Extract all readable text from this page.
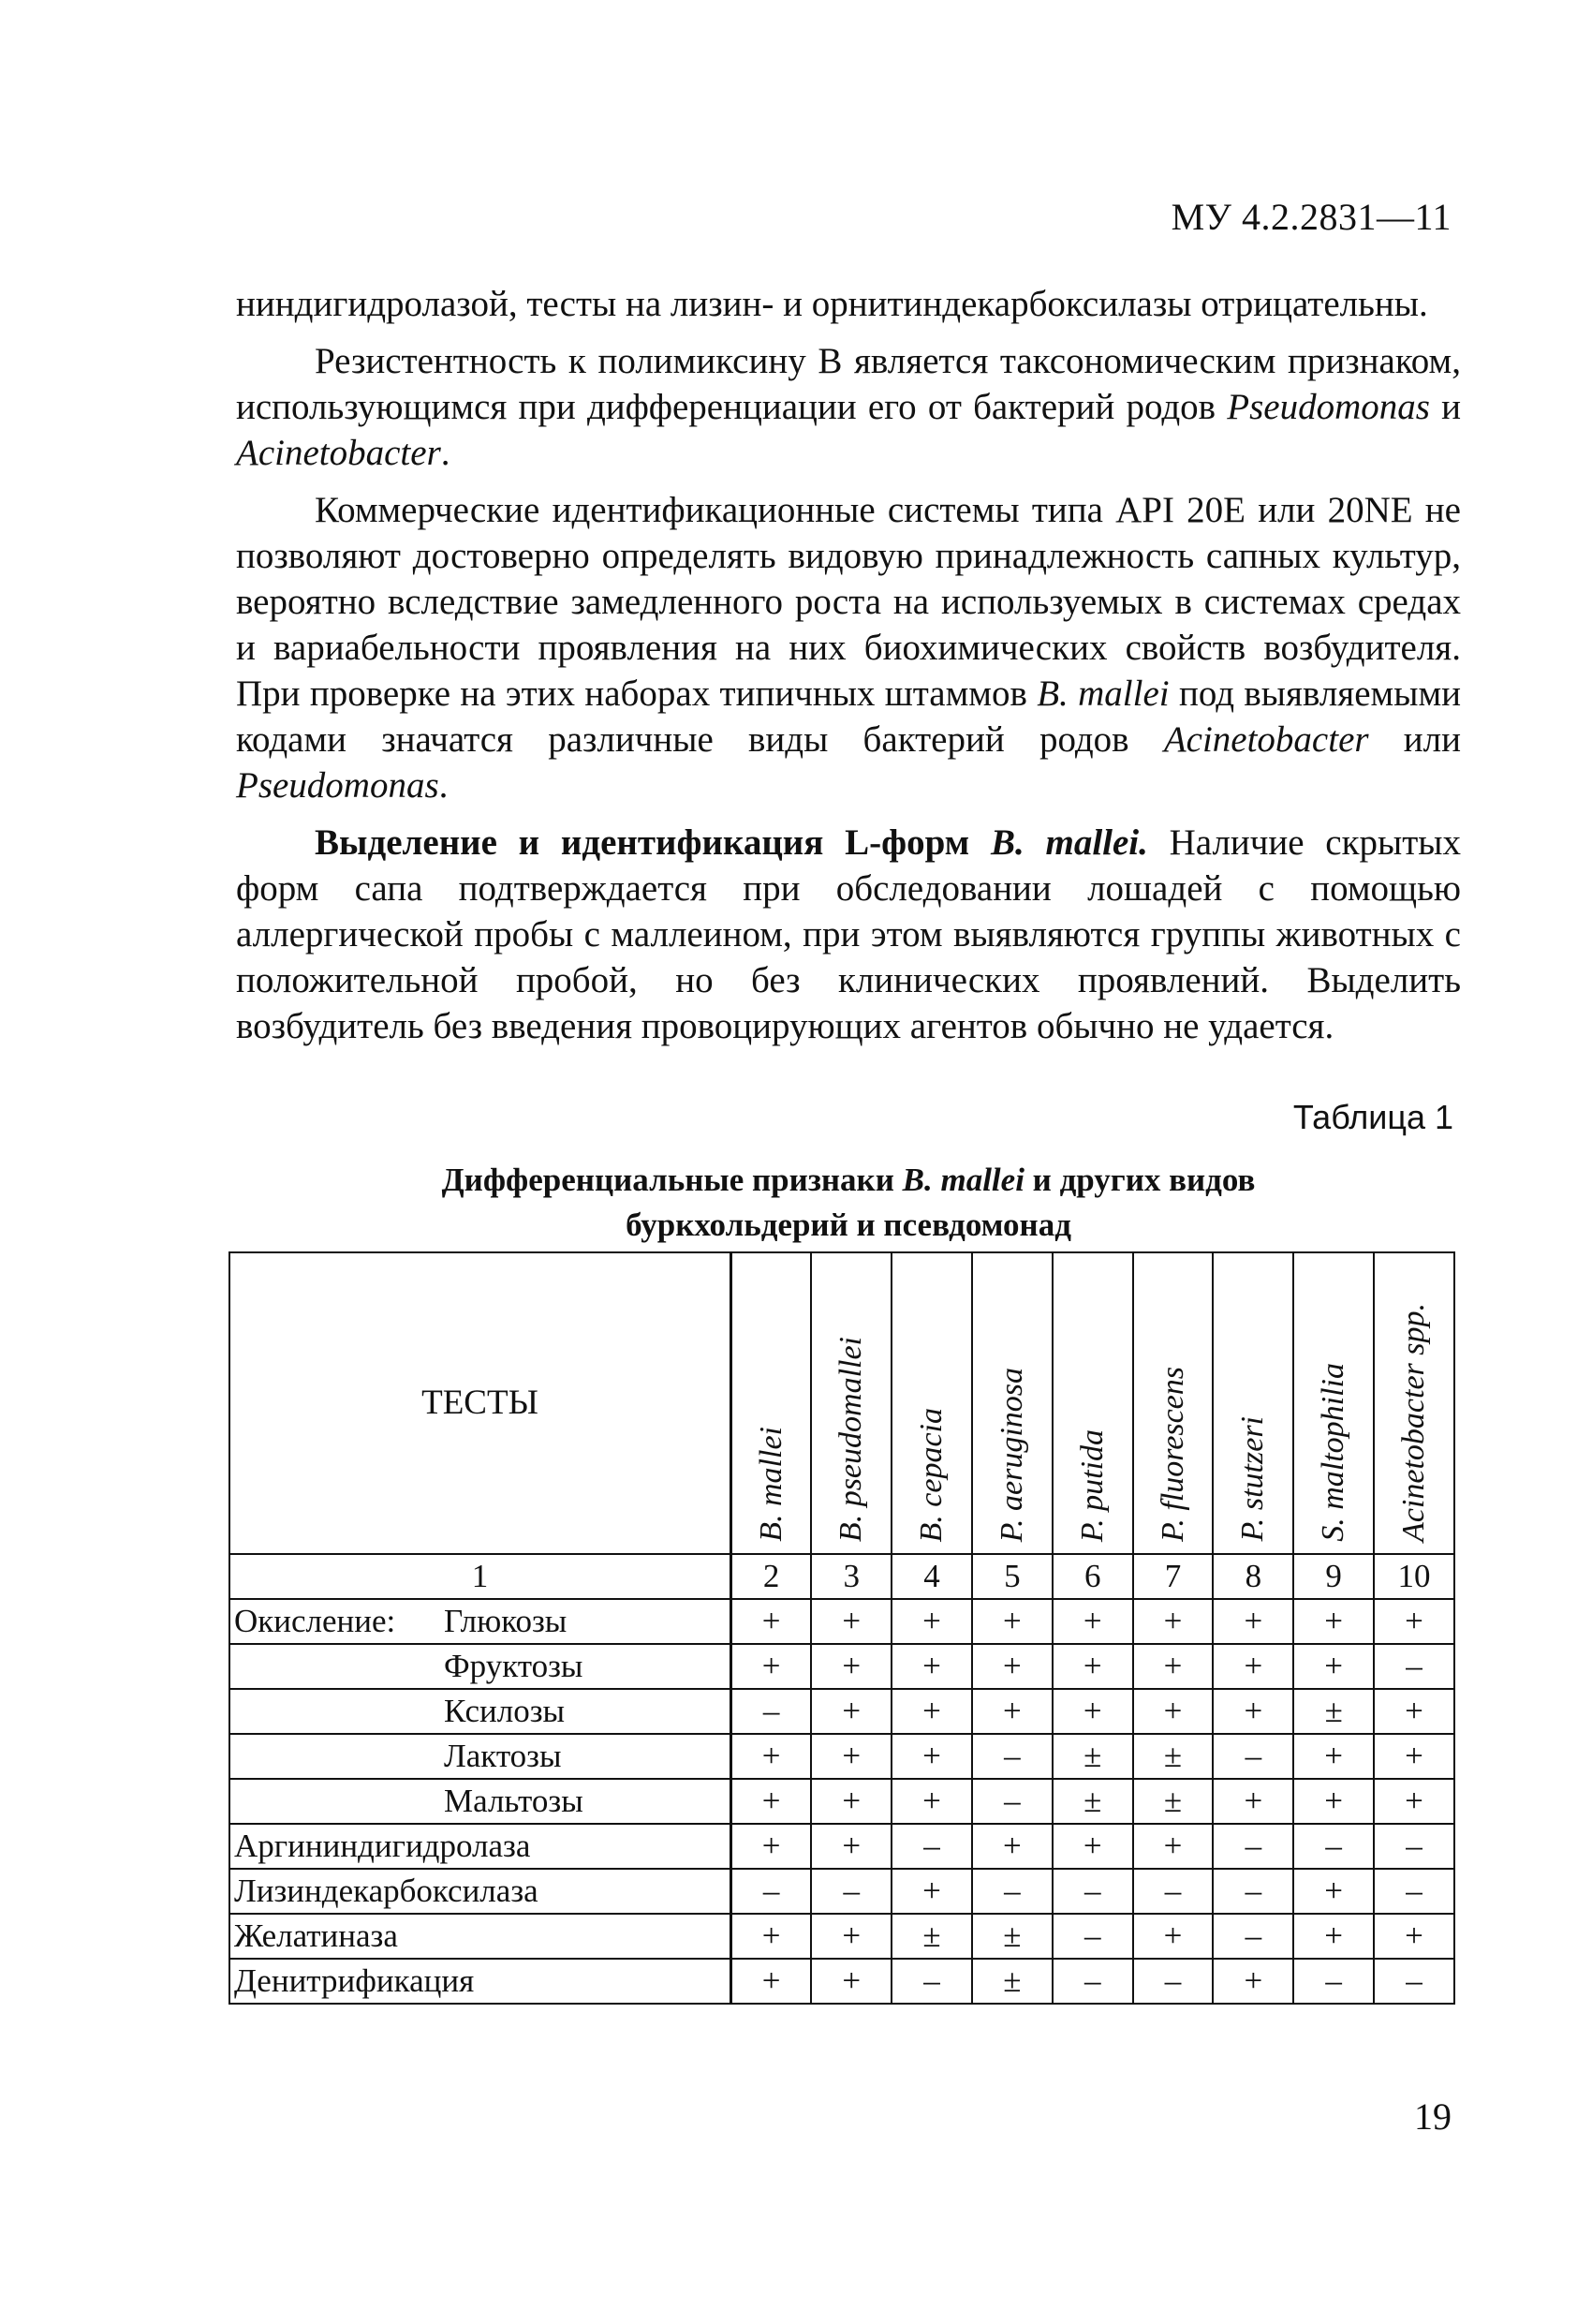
МУ 4.2.2831—11

ниндигидролазой, тесты на лизин- и орнитиндекарбоксилазы отрицательны.

Резистентность к полимиксину В является таксономическим признаком, использующимся при дифференциации его от бактерий родов Pseudomonas и Acinetobacter.

Коммерческие идентификационные системы типа API 20E или 20NE не позволяют достоверно определять видовую принадлежность сапных культур, вероятно вследствие замедленного роста на используемых в системах средах и вариабельности проявления на них биохимических свойств возбудителя. При проверке на этих наборах типичных штаммов B. mallei под выявляемыми кодами значатся различные виды бактерий родов Acinetobacter или Pseudomonas.

Выделение и идентификация L-форм B. mallei. Наличие скрытых форм сапа подтверждается при обследовании лошадей с помощью аллергической пробы с маллеином, при этом выявляются группы животных с положительной пробой, но без клинических проявлений. Выделить возбудитель без введения провоцирующих агентов обычно не удается.

Таблица 1
Дифференциальные признаки B. mallei и других видов
буркхольдерий и псевдомонад
ТЕСТЫ	B. mallei	B. pseudomallei	B. cepacia	P. aeruginosa	P. putida	P. fluorescens	P. stutzeri	S. maltophilia	Acinetobacter spp.
1	2	3	4	5	6	7	8	9	10
Окисление: Глюкозы	+	+	+	+	+	+	+	+	+
Фруктозы	+	+	+	+	+	+	+	+	–
Ксилозы	–	+	+	+	+	+	+	±	+
Лактозы	+	+	+	–	±	±	–	+	+
Мальтозы	+	+	+	–	±	±	+	+	+
Аргининдигидролаза	+	+	–	+	+	+	–	–	–
Лизиндекарбоксилаза	–	–	+	–	–	–	–	+	–
Желатиназа	+	+	±	±	–	+	–	+	+
Денитрификация	+	+	–	±	–	–	+	–	–
19
